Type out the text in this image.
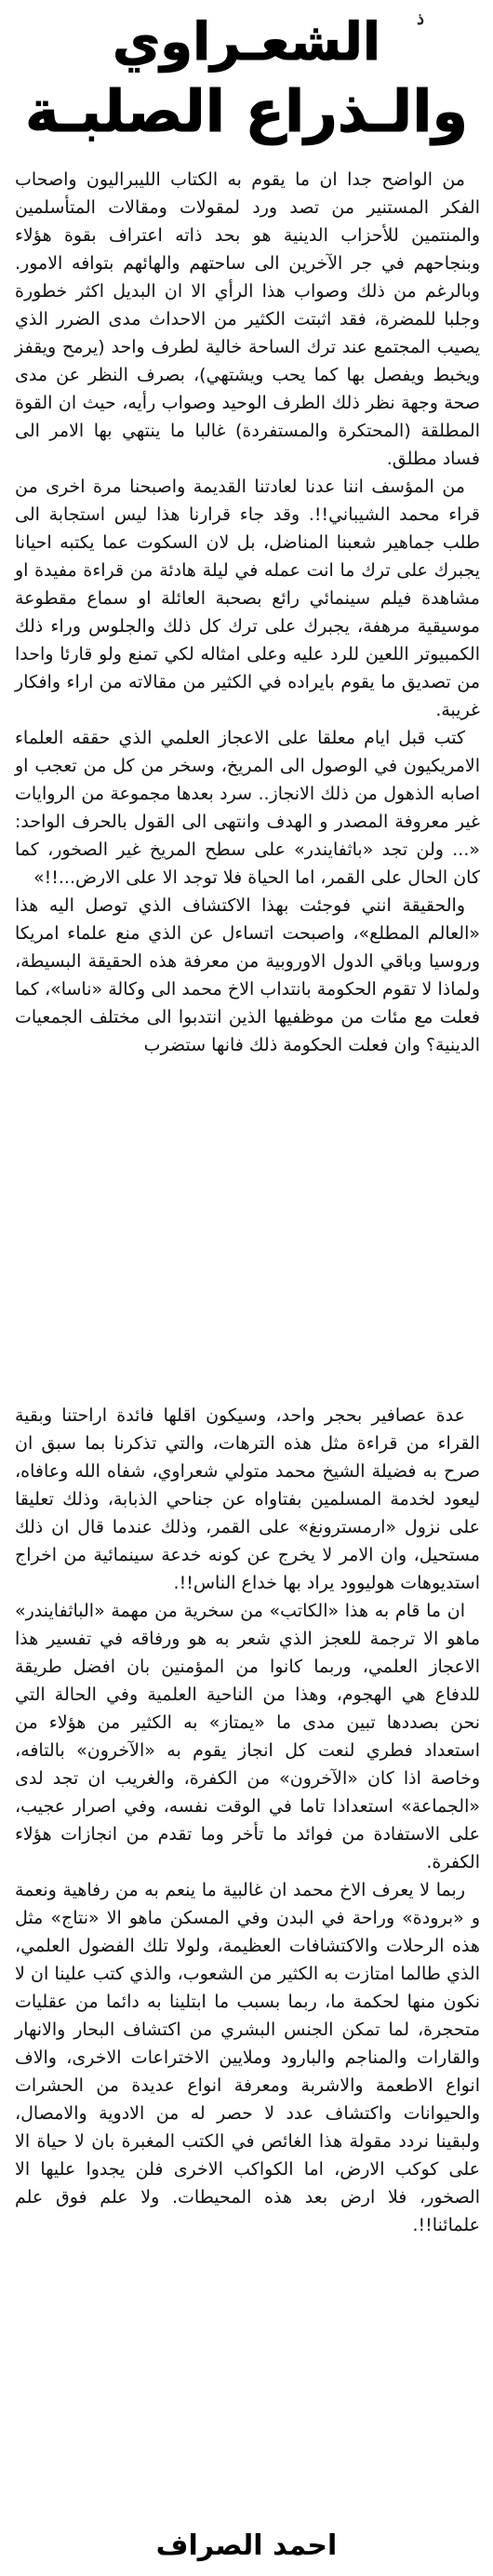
ذ
الشعـراوي
والـذراع الصلبـة

من الواضح جدا ان ما يقوم به الكتاب الليبراليون واصحاب الفكر المستنير من تصد ورد لمقولات ومقالات المتأسلمين والمنتمين للأحزاب الدينية هو بحد ذاته اعتراف بقوة هؤلاء وبنجاحهم في جر الآخرين الى ساحتهم والهائهم بتوافه الامور. وبالرغم من ذلك وصواب هذا الرأي الا ان البديل اكثر خطورة وجلبا للمضرة، فقد اثبتت الكثير من الاحداث مدى الضرر الذي يصيب المجتمع عند ترك الساحة خالية لطرف واحد (يرمح ويقفز ويخبط ويفصل بها كما يحب ويشتهي)، بصرف النظر عن مدى صحة وجهة نظر ذلك الطرف الوحيد وصواب رأيه، حيث ان القوة المطلقة (المحتكرة والمستفردة) غالبا ما ينتهي بها الامر الى فساد مطلق.

من المؤسف اننا عدنا لعادتنا القديمة واصبحنا مرة اخرى من قراء محمد الشيباني!!. وقد جاء قرارنا هذا ليس استجابة الى طلب جماهير شعبنا المناضل، بل لان السكوت عما يكتبه احيانا يجبرك على ترك ما انت عمله في ليلة هادئة من قراءة مفيدة او مشاهدة فيلم سينمائي رائع بصحبة العائلة او سماع مقطوعة موسيقية مرهفة، يجبرك على ترك كل ذلك والجلوس وراء ذلك الكمبيوتر اللعين للرد عليه وعلى امثاله لكي تمنع ولو قارئا واحدا من تصديق ما يقوم بايراده في الكثير من مقالاته من اراء وافكار غريبة.

كتب قبل ايام معلقا على الاعجاز العلمي الذي حققه العلماء الامريكيون في الوصول الى المريخ، وسخر من كل من تعجب او اصابه الذهول من ذلك الانجاز.. سرد بعدها مجموعة من الروايات غير معروفة المصدر و الهدف وانتهى الى القول بالحرف الواحد: «... ولن تجد «باثفايندر» على سطح المريخ غير الصخور، كما كان الحال على القمر، اما الحياة فلا توجد الا على الارض...!!»

والحقيقة انني فوجئت بهذا الاكتشاف الذي توصل اليه هذا «العالم المطلع»، واصبحت اتساءل عن الذي منع علماء امريكا وروسيا وباقي الدول الاوروبية من معرفة هذه الحقيقة البسيطة، ولماذا لا تقوم الحكومة بانتداب الاخ محمد الى وكالة «ناسا»، كما فعلت مع مئات من موظفيها الذين انتدبوا الى مختلف الجمعيات الدينية؟ وان فعلت الحكومة ذلك فانها ستضرب

عدة عصافير بحجر واحد، وسيكون اقلها فائدة اراحتنا وبقية القراء من قراءة مثل هذه الترهات، والتي تذكرنا بما سبق ان صرح به فضيلة الشيخ محمد متولي شعراوي، شفاه الله وعافاه، ليعود لخدمة المسلمين بفتاواه عن جناحي الذبابة، وذلك تعليقا على نزول «ارمسترونغ» على القمر، وذلك عندما قال ان ذلك مستحيل، وان الامر لا يخرج عن كونه خدعة سينمائية من اخراج استديوهات هوليوود يراد بها خداع الناس!!.

ان ما قام به هذا «الكاتب» من سخرية من مهمة «الباثفايندر» ماهو الا ترجمة للعجز الذي شعر به هو ورفاقه في تفسير هذا الاعجاز العلمي، وربما كانوا من المؤمنين بان افضل طريقة للدفاع هي الهجوم، وهذا من الناحية العلمية وفي الحالة التي نحن بصددها تبين مدى ما «يمتاز» به الكثير من هؤلاء من استعداد فطري لنعت كل انجاز يقوم به «الآخرون» بالتافه، وخاصة اذا كان «الآخرون» من الكفرة، والغريب ان تجد لدى «الجماعة» استعدادا تاما في الوقت نفسه، وفي اصرار عجيب، على الاستفادة من فوائد ما تأخر وما تقدم من انجازات هؤلاء الكفرة.

ربما لا يعرف الاخ محمد ان غالبية ما ينعم به من رفاهية ونعمة و «برودة» وراحة في البدن وفي المسكن ماهو الا «نتاج» مثل هذه الرحلات والاكتشافات العظيمة، ولولا تلك الفضول العلمي، الذي طالما امتازت به الكثير من الشعوب، والذي كتب علينا ان لا نكون منها لحكمة ما، ربما بسبب ما ابتلينا به دائما من عقليات متحجرة، لما تمكن الجنس البشري من اكتشاف البحار والانهار والقارات والمناجم والبارود وملايين الاختراعات الاخرى، والاف انواع الاطعمة والاشربة ومعرفة انواع عديدة من الحشرات والحيوانات واكتشاف عدد لا حصر له من الادوية والامصال، ولبقينا نردد مقولة هذا الغائص في الكتب المغبرة بان لا حياة الا على كوكب الارض، اما الكواكب الاخرى فلن يجدوا عليها الا الصخور، فلا ارض بعد هذه المحيطات. ولا علم فوق علم علمائنا!!.

احمد الصراف
